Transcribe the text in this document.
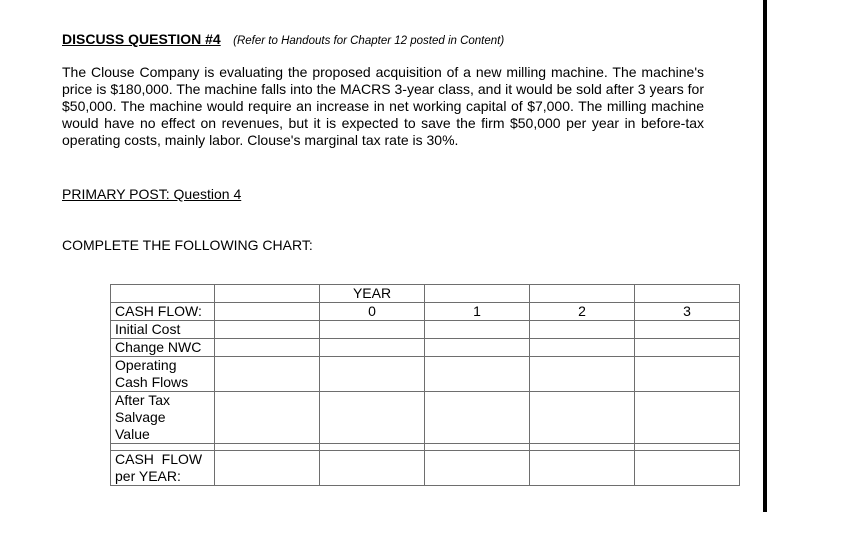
DISCUSS QUESTION #4 (Refer to Handouts for Chapter 12 posted in Content)

The Clouse Company is evaluating the proposed acquisition of a new milling machine. The machine's price is $180,000. The machine falls into the MACRS 3-year class, and it would be sold after 3 years for $50,000. The machine would require an increase in net working capital of $7,000. The milling machine would have no effect on revenues, but it is expected to save the firm $50,000 per year in before-tax operating costs, mainly labor. Clouse's marginal tax rate is 30%.

PRIMARY POST: Question 4
COMPLETE THE FOLLOWING CHART:
		YEAR			
CASH FLOW:		0	1	2	3
Initial Cost					
Change NWC					

Operating
Cash Flows					

After Tax
Salvage
Value					

CASH  FLOW
per YEAR:					
